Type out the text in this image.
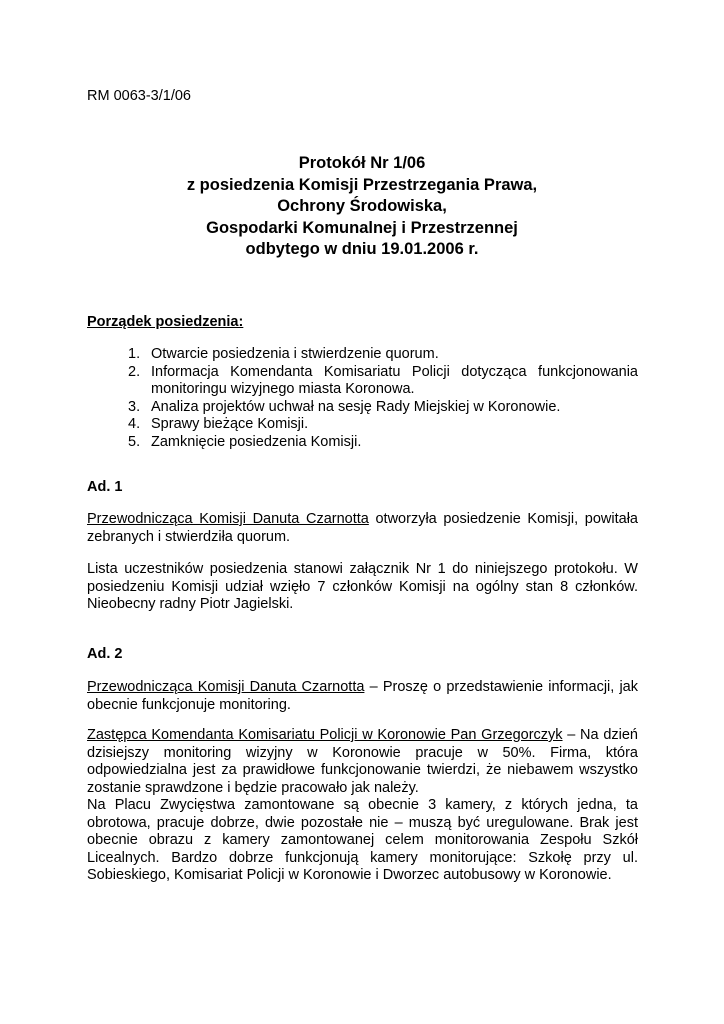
RM 0063-3/1/06
Protokół Nr 1/06
z posiedzenia Komisji Przestrzegania Prawa,
Ochrony Środowiska,
Gospodarki Komunalnej i Przestrzennej
odbytego w dniu 19.01.2006 r.
Porządek posiedzenia:
1. Otwarcie posiedzenia i stwierdzenie quorum.
2. Informacja Komendanta Komisariatu Policji dotycząca funkcjonowania monitoringu wizyjnego miasta Koronowa.
3. Analiza projektów uchwał na sesję Rady Miejskiej w Koronowie.
4. Sprawy bieżące Komisji.
5. Zamknięcie posiedzenia Komisji.
Ad. 1

Przewodnicząca Komisji Danuta Czarnotta otworzyła posiedzenie Komisji, powitała zebranych i stwierdziła quorum.

Lista uczestników posiedzenia stanowi załącznik Nr 1 do niniejszego protokołu. W posiedzeniu Komisji udział wzięło 7 członków Komisji na ogólny stan 8 członków. Nieobecny radny Piotr Jagielski.

Ad. 2

Przewodnicząca Komisji Danuta Czarnotta – Proszę o przedstawienie informacji, jak obecnie funkcjonuje monitoring.

Zastępca Komendanta Komisariatu Policji w Koronowie Pan Grzegorczyk – Na dzień dzisiejszy monitoring wizyjny w Koronowie pracuje w 50%. Firma, która odpowiedzialna jest za prawidłowe funkcjonowanie twierdzi, że niebawem wszystko zostanie sprawdzone i będzie pracowało jak należy.

Na Placu Zwycięstwa zamontowane są obecnie 3 kamery, z których jedna, ta obrotowa, pracuje dobrze, dwie pozostałe nie – muszą być uregulowane. Brak jest obecnie obrazu z kamery zamontowanej celem monitorowania Zespołu Szkół Licealnych. Bardzo dobrze funkcjonują kamery monitorujące: Szkołę przy ul. Sobieskiego, Komisariat Policji w Koronowie i Dworzec autobusowy w Koronowie.
